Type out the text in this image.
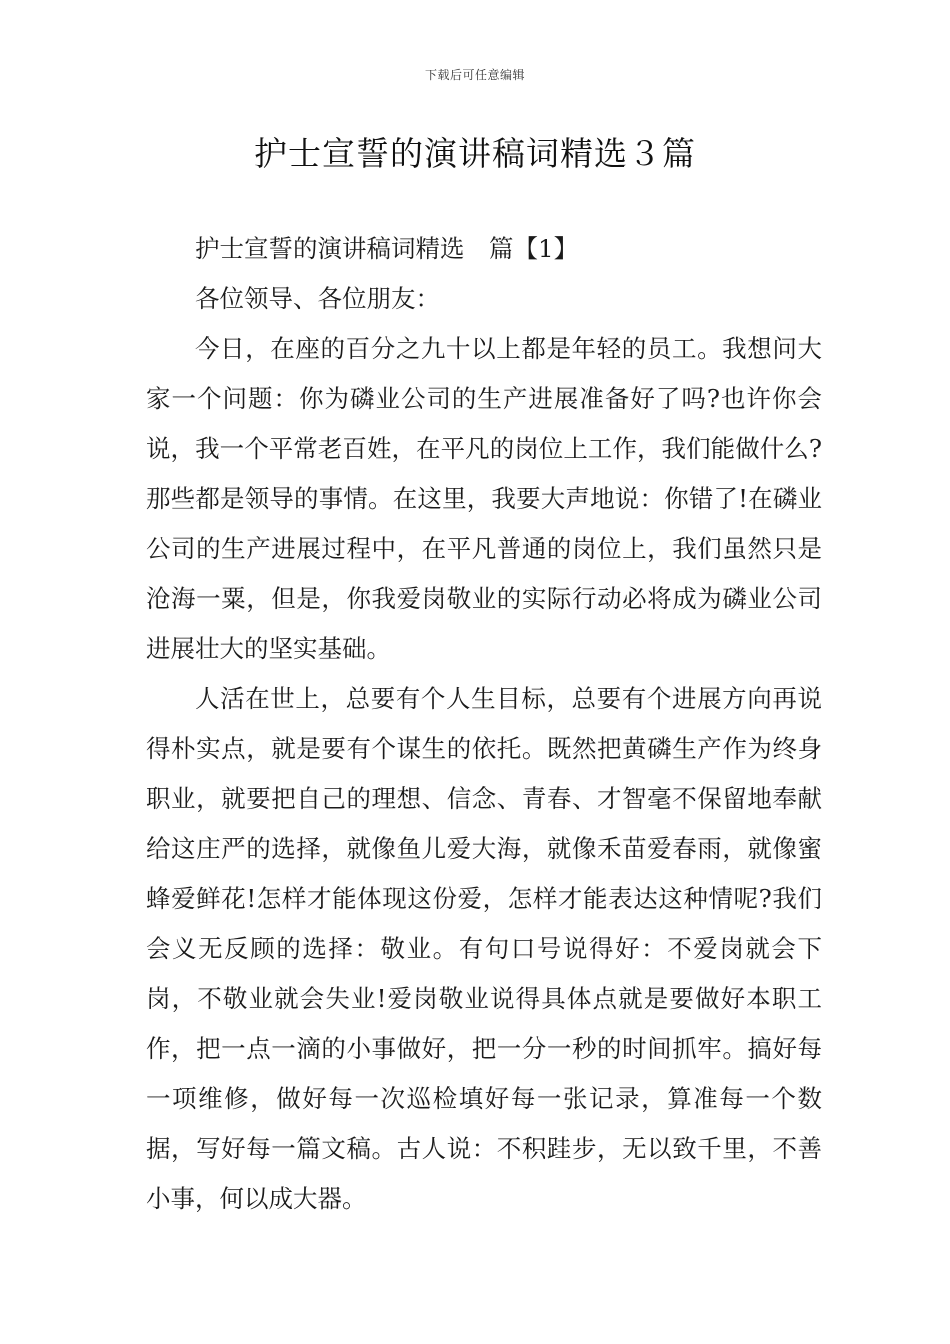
下载后可任意编辑
护士宣誓的演讲稿词精选３篇

护士宣誓的演讲稿词精选　篇【1】

各位领导、各位朋友：

今日，在座的百分之九十以上都是年轻的员工。我想问大家一个问题：你为磷业公司的生产进展准备好了吗?也许你会说，我一个平常老百姓，在平凡的岗位上工作，我们能做什么?那些都是领导的事情。在这里，我要大声地说：你错了!在磷业公司的生产进展过程中，在平凡普通的岗位上，我们虽然只是沧海一粟，但是，你我爱岗敬业的实际行动必将成为磷业公司进展壮大的坚实基础。

人活在世上，总要有个人生目标，总要有个进展方向再说得朴实点，就是要有个谋生的依托。既然把黄磷生产作为终身职业，就要把自己的理想、信念、青春、才智毫不保留地奉献给这庄严的选择，就像鱼儿爱大海，就像禾苗爱春雨，就像蜜蜂爱鲜花!怎样才能体现这份爱，怎样才能表达这种情呢?我们会义无反顾的选择：敬业。有句口号说得好：不爱岗就会下岗，不敬业就会失业!爱岗敬业说得具体点就是要做好本职工作，把一点一滴的小事做好，把一分一秒的时间抓牢。搞好每一项维修，做好每一次巡检填好每一张记录，算准每一个数据，写好每一篇文稿。古人说：不积跬步，无以致千里，不善小事，何以成大器。
